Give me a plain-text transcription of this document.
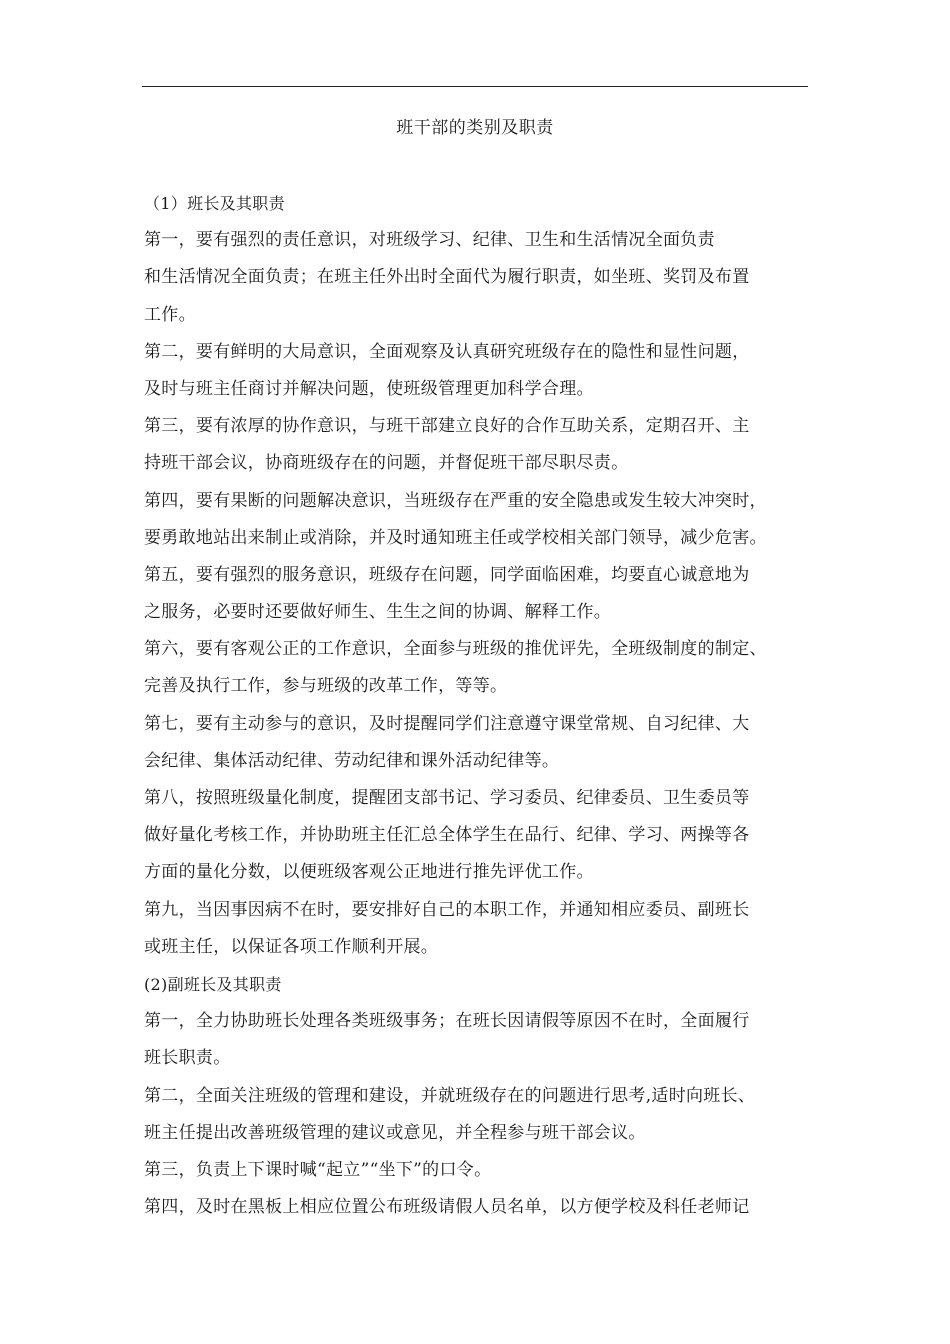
班干部的类别及职责
（1）班长及其职责
第一，要有强烈的责任意识，对班级学习、纪律、卫生和生活情况全面负责
和生活情况全面负责；在班主任外出时全面代为履行职责，如坐班、奖罚及布置
工作。
第二，要有鲜明的大局意识，全面观察及认真研究班级存在的隐性和显性问题，
及时与班主任商讨并解决问题，使班级管理更加科学合理。
第三，要有浓厚的协作意识，与班干部建立良好的合作互助关系，定期召开、主
持班干部会议，协商班级存在的问题，并督促班干部尽职尽责。
第四，要有果断的问题解决意识，当班级存在严重的安全隐患或发生较大冲突时，
要勇敢地站出来制止或消除，并及时通知班主任或学校相关部门领导，减少危害。
第五，要有强烈的服务意识，班级存在问题，同学面临困难，均要直心诚意地为
之服务，必要时还要做好师生、生生之间的协调、解释工作。
第六，要有客观公正的工作意识，全面参与班级的推优评先，全班级制度的制定、
完善及执行工作，参与班级的改革工作，等等。
第七，要有主动参与的意识，及时提醒同学们注意遵守课堂常规、自习纪律、大
会纪律、集体活动纪律、劳动纪律和课外活动纪律等。
第八，按照班级量化制度，提醒团支部书记、学习委员、纪律委员、卫生委员等
做好量化考核工作，并协助班主任汇总全体学生在品行、纪律、学习、两操等各
方面的量化分数，以便班级客观公正地进行推先评优工作。
第九，当因事因病不在时，要安排好自己的本职工作，并通知相应委员、副班长
或班主任，以保证各项工作顺利开展。
(2)副班长及其职责
第一，全力协助班长处理各类班级事务；在班长因请假等原因不在时，全面履行
班长职责。
第二，全面关注班级的管理和建设，并就班级存在的问题进行思考,适时向班长、
班主任提出改善班级管理的建议或意见，并全程参与班干部会议。
第三，负责上下课时喊“起立”“坐下”的口令。
第四，及时在黑板上相应位置公布班级请假人员名单，以方便学校及科任老师记
